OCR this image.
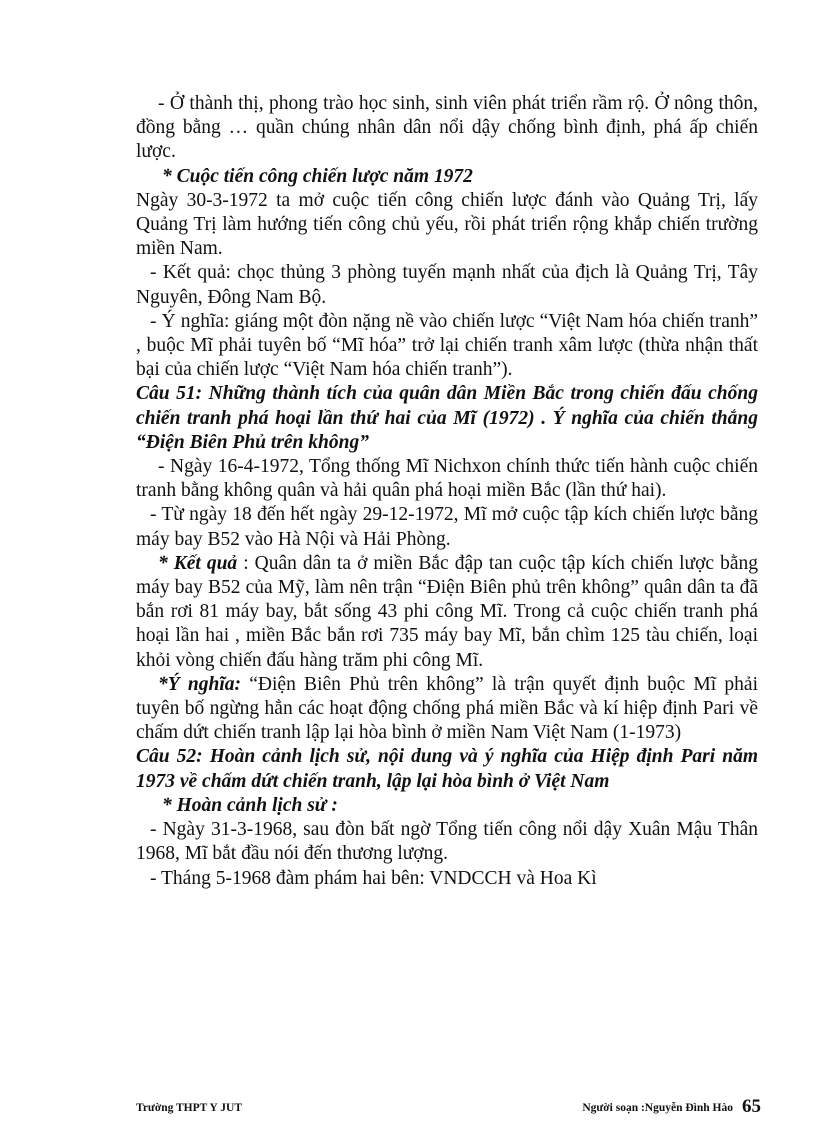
- Ở thành thị, phong trào học sinh, sinh viên phát triển rầm rộ. Ở nông thôn, đồng bằng … quần chúng nhân dân nổi dậy chống bình định, phá ấp chiến lược.

* Cuộc tiến công chiến lược năm 1972

Ngày 30-3-1972 ta mở cuộc tiến công chiến lược đánh vào Quảng Trị, lấy Quảng Trị làm hướng tiến công chủ yếu, rồi phát triển rộng khắp chiến trường miền Nam.

- Kết quả: chọc thủng 3 phòng tuyến mạnh nhất của địch là Quảng Trị, Tây Nguyên, Đông Nam Bộ.

- Ý nghĩa: giáng một đòn nặng nề vào chiến lược “Việt Nam hóa chiến tranh” , buộc Mĩ phải tuyên bố “Mĩ hóa” trở lại chiến tranh xâm lược (thừa nhận thất bại của chiến lược “Việt Nam hóa chiến tranh”).

Câu 51: Những thành tích của quân dân Miền Bắc trong chiến đấu chống chiến tranh phá hoại lần thứ hai của Mĩ (1972) . Ý nghĩa của chiến thắng “Điện Biên Phủ trên không”

- Ngày 16-4-1972, Tổng thống Mĩ Nichxon chính thức tiến hành cuộc chiến tranh bằng không quân và hải quân phá hoại miền Bắc (lần thứ hai).

- Từ ngày 18 đến hết ngày 29-12-1972, Mĩ mở cuộc tập kích chiến lược bằng máy bay B52 vào Hà Nội và Hải Phòng.

* Kết quả : Quân dân ta ở miền Bắc đập tan cuộc tập kích chiến lược bằng máy bay B52 của Mỹ, làm nên trận “Điện Biên phủ trên không” quân dân ta đã bắn rơi 81 máy bay, bắt sống 43 phi công Mĩ. Trong cả cuộc chiến tranh phá hoại lần hai , miền Bắc bắn rơi 735 máy bay Mĩ, bắn chìm 125 tàu chiến, loại khỏi vòng chiến đấu hàng trăm phi công Mĩ.

*Ý nghĩa: “Điện Biên Phủ trên không” là trận quyết định buộc Mĩ phải tuyên bố ngừng hẳn các hoạt động chống phá miền Bắc và kí hiệp định Pari về chấm dứt chiến tranh lập lại hòa bình ở miền Nam Việt Nam (1-1973)

Câu 52: Hoàn cảnh lịch sử, nội dung và ý nghĩa của Hiệp định Pari năm 1973 về chấm dứt chiến tranh, lập lại hòa bình ở Việt Nam

* Hoàn cảnh lịch sử :

- Ngày 31-3-1968, sau đòn bất ngờ Tổng tiến công nổi dậy Xuân Mậu Thân 1968, Mĩ bắt đầu nói đến thương lượng.

- Tháng 5-1968 đàm phám hai bên: VNDCCH và Hoa Kì

Trường THPT Y JUT	Người soạn :Nguyễn Đình Hào 65
